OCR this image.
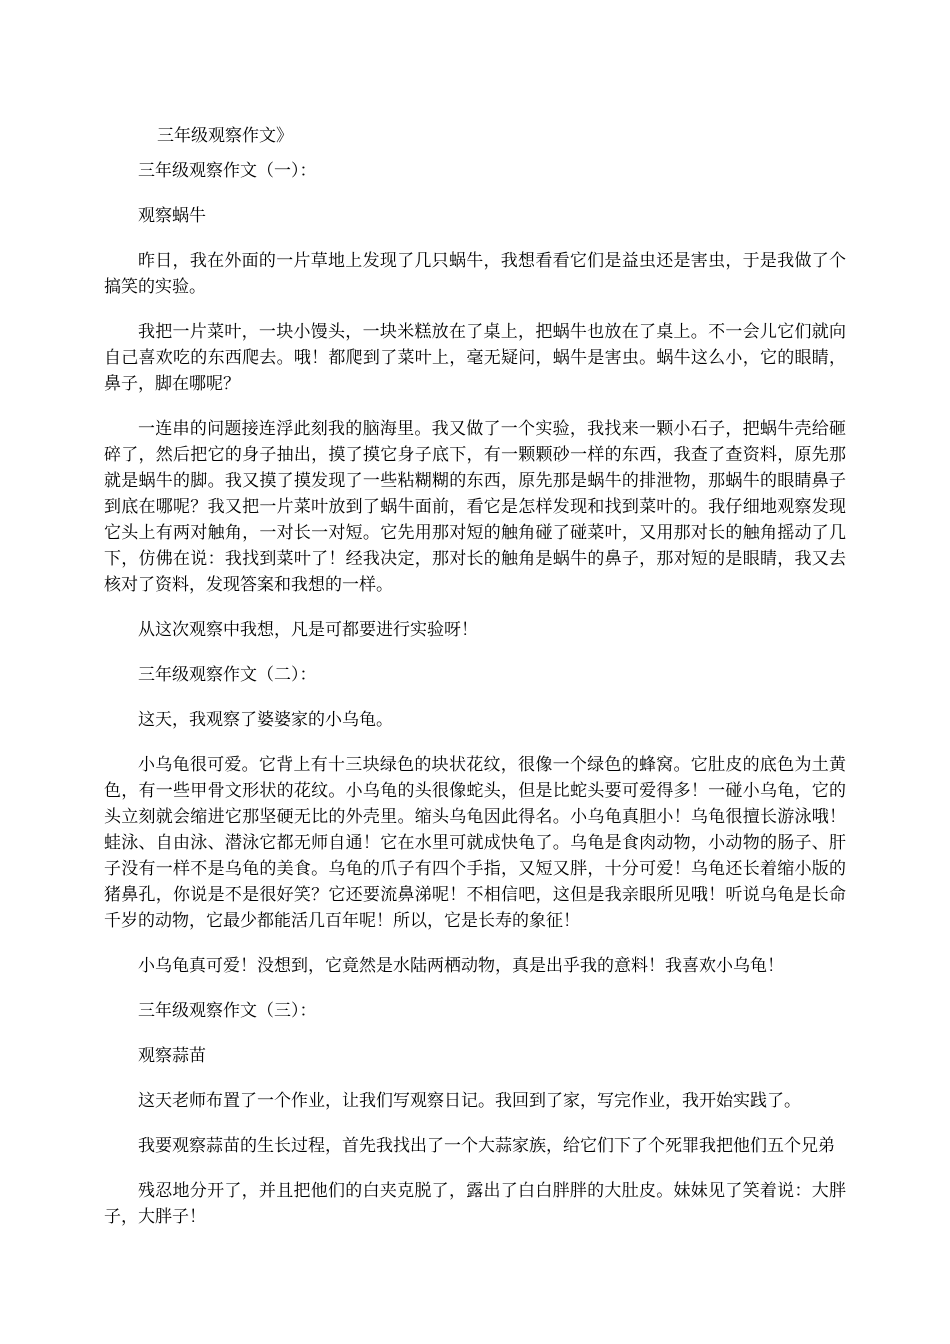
三年级观察作文》

三年级观察作文（一）：

观察蜗牛

昨日，我在外面的一片草地上发现了几只蜗牛，我想看看它们是益虫还是害虫，于是我做了个搞笑的实验。

我把一片菜叶，一块小馒头，一块米糕放在了桌上，把蜗牛也放在了桌上。不一会儿它们就向自己喜欢吃的东西爬去。哦！都爬到了菜叶上，毫无疑问，蜗牛是害虫。蜗牛这么小，它的眼睛，鼻子，脚在哪呢？

一连串的问题接连浮此刻我的脑海里。我又做了一个实验，我找来一颗小石子，把蜗牛壳给砸碎了，然后把它的身子抽出，摸了摸它身子底下，有一颗颗砂一样的东西，我查了查资料，原先那就是蜗牛的脚。我又摸了摸发现了一些粘糊糊的东西，原先那是蜗牛的排泄物，那蜗牛的眼睛鼻子到底在哪呢？我又把一片菜叶放到了蜗牛面前，看它是怎样发现和找到菜叶的。我仔细地观察发现它头上有两对触角，一对长一对短。它先用那对短的触角碰了碰菜叶，又用那对长的触角摇动了几下，仿佛在说：我找到菜叶了！经我决定，那对长的触角是蜗牛的鼻子，那对短的是眼睛，我又去核对了资料，发现答案和我想的一样。

从这次观察中我想，凡是可都要进行实验呀！

三年级观察作文（二）：

这天，我观察了婆婆家的小乌龟。

小乌龟很可爱。它背上有十三块绿色的块状花纹，很像一个绿色的蜂窝。它肚皮的底色为土黄色，有一些甲骨文形状的花纹。小乌龟的头很像蛇头，但是比蛇头要可爱得多！一碰小乌龟，它的头立刻就会缩进它那坚硬无比的外壳里。缩头乌龟因此得名。小乌龟真胆小！乌龟很擅长游泳哦！蛙泳、自由泳、潜泳它都无师自通！它在水里可就成快龟了。乌龟是食肉动物，小动物的肠子、肝子没有一样不是乌龟的美食。乌龟的爪子有四个手指，又短又胖，十分可爱！乌龟还长着缩小版的猪鼻孔，你说是不是很好笑？它还要流鼻涕呢！不相信吧，这但是我亲眼所见哦！听说乌龟是长命千岁的动物，它最少都能活几百年呢！所以，它是长寿的象征！

小乌龟真可爱！没想到，它竟然是水陆两栖动物，真是出乎我的意料！我喜欢小乌龟！

三年级观察作文（三）：

观察蒜苗

这天老师布置了一个作业，让我们写观察日记。我回到了家，写完作业，我开始实践了。

我要观察蒜苗的生长过程，首先我找出了一个大蒜家族，给它们下了个死罪我把他们五个兄弟

残忍地分开了，并且把他们的白夹克脱了，露出了白白胖胖的大肚皮。妹妹见了笑着说：大胖子，大胖子！
